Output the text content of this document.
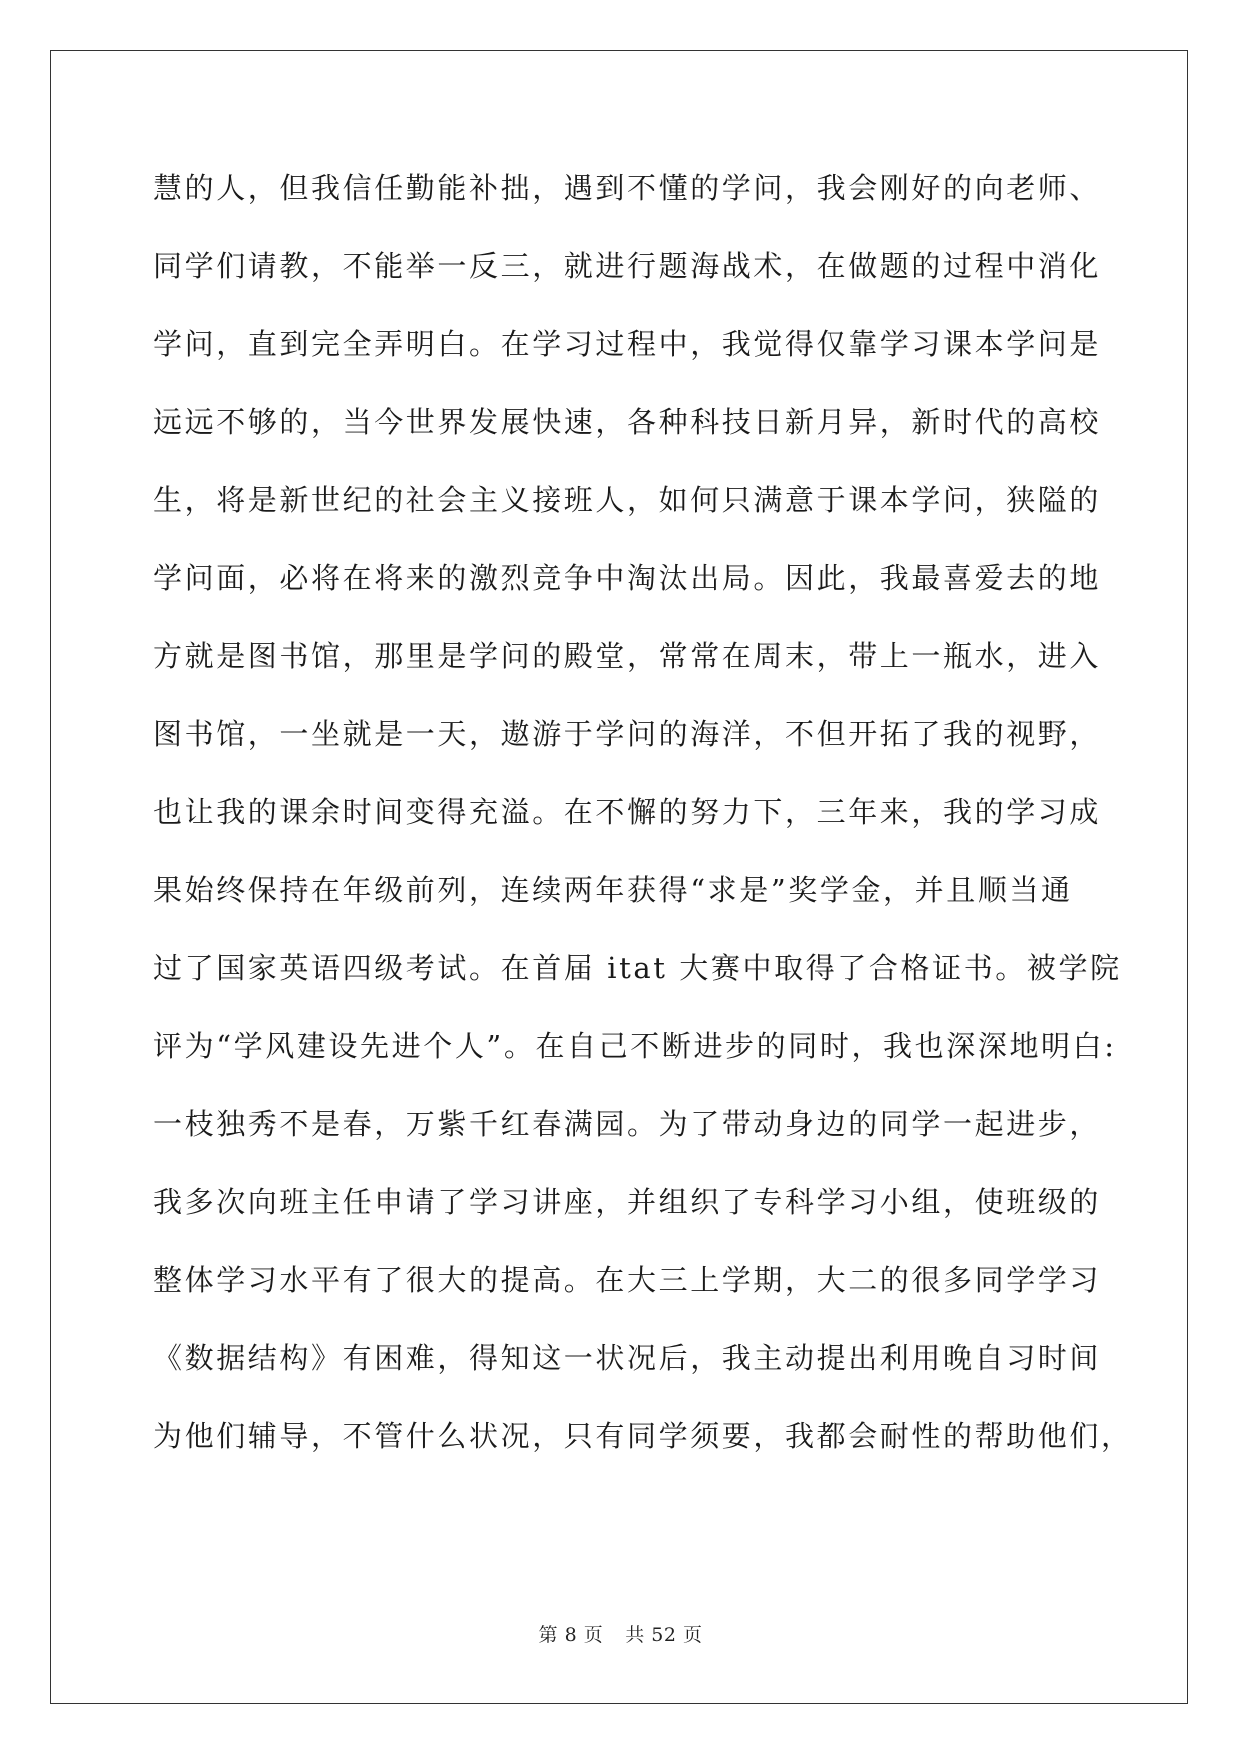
慧的人，但我信任勤能补拙，遇到不懂的学问，我会刚好的向老师、
同学们请教，不能举一反三，就进行题海战术，在做题的过程中消化
学问，直到完全弄明白。在学习过程中，我觉得仅靠学习课本学问是
远远不够的，当今世界发展快速，各种科技日新月异，新时代的高校
生，将是新世纪的社会主义接班人，如何只满意于课本学问，狭隘的
学问面，必将在将来的激烈竞争中淘汰出局。因此，我最喜爱去的地
方就是图书馆，那里是学问的殿堂，常常在周末，带上一瓶水，进入
图书馆，一坐就是一天，遨游于学问的海洋，不但开拓了我的视野，
也让我的课余时间变得充溢。在不懈的努力下，三年来，我的学习成
果始终保持在年级前列，连续两年获得“求是”奖学金，并且顺当通
过了国家英语四级考试。在首届 itat 大赛中取得了合格证书。被学院
评为“学风建设先进个人”。在自己不断进步的同时，我也深深地明白:
一枝独秀不是春，万紫千红春满园。为了带动身边的同学一起进步，
我多次向班主任申请了学习讲座，并组织了专科学习小组，使班级的
整体学习水平有了很大的提高。在大三上学期，大二的很多同学学习
《数据结构》有困难，得知这一状况后，我主动提出利用晚自习时间
为他们辅导，不管什么状况，只有同学须要，我都会耐性的帮助他们，
第 8 页 共 52 页
